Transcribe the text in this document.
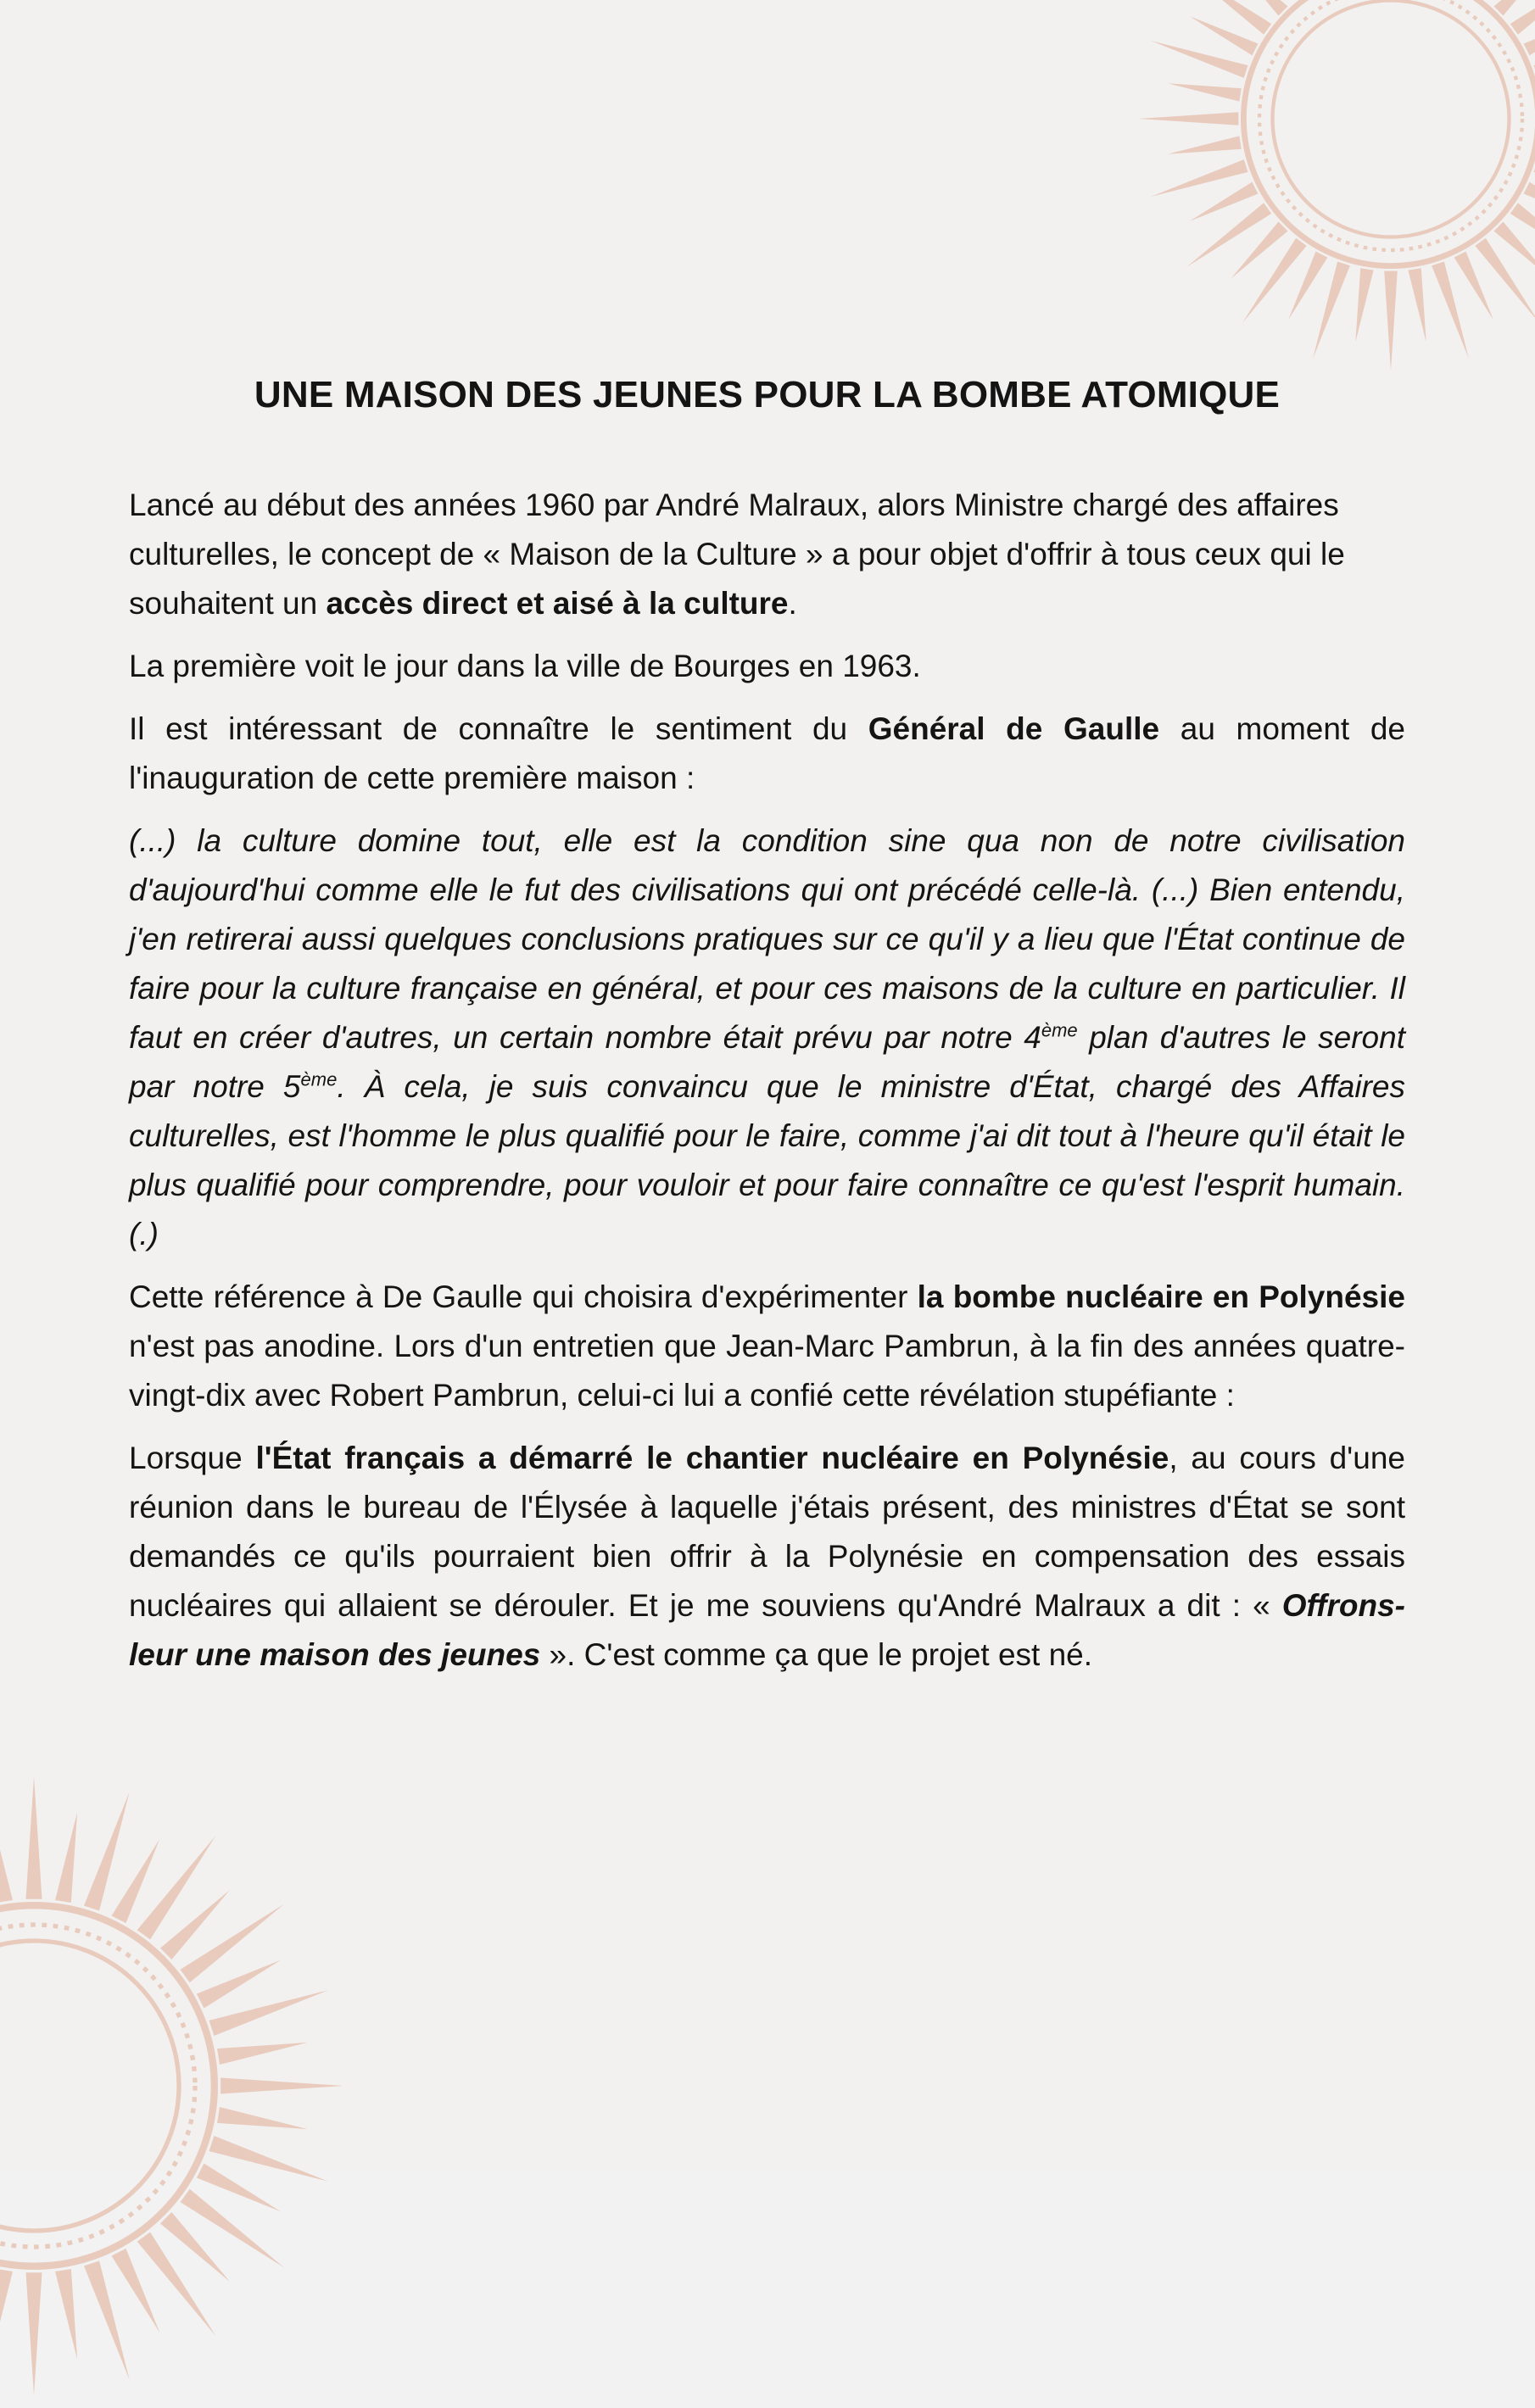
UNE MAISON DES JEUNES POUR LA BOMBE ATOMIQUE

Lancé au début des années 1960 par André Malraux, alors Ministre chargé des affaires culturelles, le concept de « Maison de la Culture » a pour objet d'offrir à tous ceux qui le souhaitent un accès direct et aisé à la culture.

La première voit le jour dans la ville de Bourges en 1963.

Il est intéressant de connaître le sentiment du Général de Gaulle au moment de l'inauguration de cette première maison :

(...) la culture domine tout, elle est la condition sine qua non de notre civilisation d'aujourd'hui comme elle le fut des civilisations qui ont précédé celle-là. (...) Bien entendu, j'en retirerai aussi quelques conclusions pratiques sur ce qu'il y a lieu que l'État continue de faire pour la culture française en général, et pour ces maisons de la culture en particulier. Il faut en créer d'autres, un certain nombre était prévu par notre 4ème plan d'autres le seront par notre 5ème. À cela, je suis convaincu que le ministre d'État, chargé des Affaires culturelles, est l'homme le plus qualifié pour le faire, comme j'ai dit tout à l'heure qu'il était le plus qualifié pour comprendre, pour vouloir et pour faire connaître ce qu'est l'esprit humain. (.)

Cette référence à De Gaulle qui choisira d'expérimenter la bombe nucléaire en Polynésie n'est pas anodine. Lors d'un entretien que Jean-Marc Pambrun, à la fin des années quatre-vingt-dix avec Robert Pambrun, celui-ci lui a confié cette révélation stupéfiante :

Lorsque l'État français a démarré le chantier nucléaire en Polynésie, au cours d'une réunion dans le bureau de l'Élysée à laquelle j'étais présent, des ministres d'État se sont demandés ce qu'ils pourraient bien offrir à la Polynésie en compensation des essais nucléaires qui allaient se dérouler. Et je me souviens qu'André Malraux a dit : « Offrons-leur une maison des jeunes ». C'est comme ça que le projet est né.
